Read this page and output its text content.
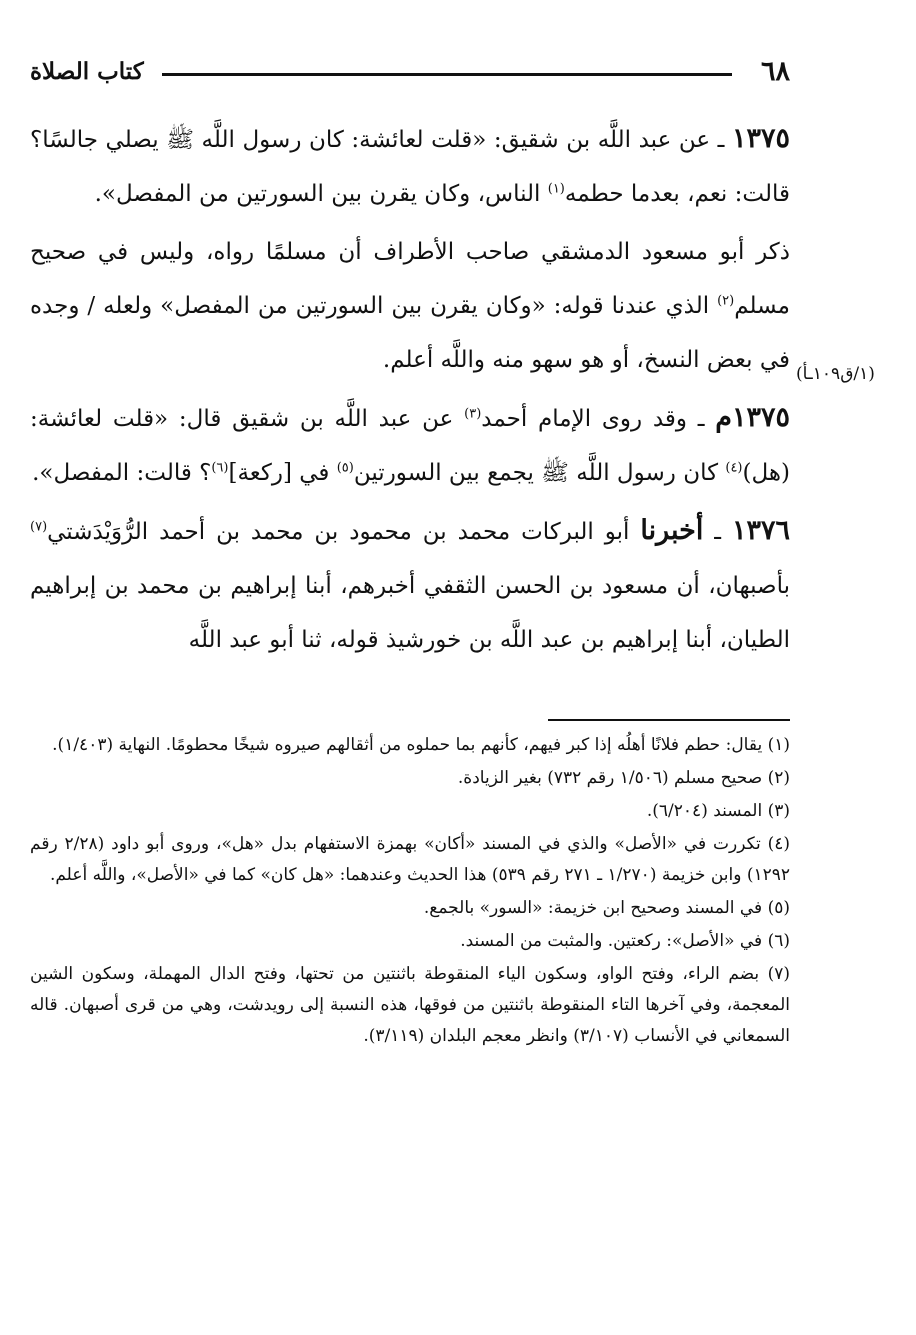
٦٨
كتاب الصلاة
(١/ق١٠٩ـأ)

١٣٧٥ ـ عن عبد اللَّه بن شقيق: «قلت لعائشة: كان رسول اللَّه ﷺ يصلي جالسًا؟ قالت: نعم، بعدما حطمه$^{(١)}$ الناس، وكان يقرن بين السورتين من المفصل».

ذكر أبو مسعود الدمشقي صاحب الأطراف أن مسلمًا رواه، وليس في صحيح مسلم$^{(٢)}$ الذي عندنا قوله: «وكان يقرن بين السورتين من المفصل» ولعله / وجده في بعض النسخ، أو هو سهو منه واللَّه أعلم.

١٣٧٥م ـ وقد روى الإمام أحمد$^{(٣)}$ عن عبد اللَّه بن شقيق قال: «قلت لعائشة: (هل)$^{(٤)}$ كان رسول اللَّه ﷺ يجمع بين السورتين$^{(٥)}$ في [ركعة]$^{(٦)}$؟ قالت: المفصل».

١٣٧٦ ـ أخبرنا أبو البركات محمد بن محمود بن محمد بن أحمد الرُّوَيْدَشتي$^{(٧)}$ بأصبهان، أن مسعود بن الحسن الثقفي أخبرهم، أبنا إبراهيم بن محمد بن إبراهيم الطيان، أبنا إبراهيم بن عبد اللَّه بن خورشيذ قوله، ثنا أبو عبد اللَّه

(١) يقال: حطم فلانًا أهلُه إذا كبر فيهم، كأنهم بما حملوه من أثقالهم صيروه شيخًا محطومًا. النهاية (١/٤٠٣).

(٢) صحيح مسلم (١/٥٠٦ رقم ٧٣٢) بغير الزيادة.

(٣) المسند (٦/٢٠٤).

(٤) تكررت في «الأصل» والذي في المسند «أكان» بهمزة الاستفهام بدل «هل»، وروى أبو داود (٢/٢٨ رقم ١٢٩٢) وابن خزيمة (١/٢٧٠ ـ ٢٧١ رقم ٥٣٩) هذا الحديث وعندهما: «هل كان» كما في «الأصل»، واللَّه أعلم.

(٥) في المسند وصحيح ابن خزيمة: «السور» بالجمع.

(٦) في «الأصل»: ركعتين. والمثبت من المسند.

(٧) بضم الراء، وفتح الواو، وسكون الياء المنقوطة باثنتين من تحتها، وفتح الدال المهملة، وسكون الشين المعجمة، وفي آخرها التاء المنقوطة باثنتين من فوقها، هذه النسبة إلى رويدشت، وهي من قرى أصبهان. قاله السمعاني في الأنساب (٣/١٠٧) وانظر معجم البلدان (٣/١١٩).
